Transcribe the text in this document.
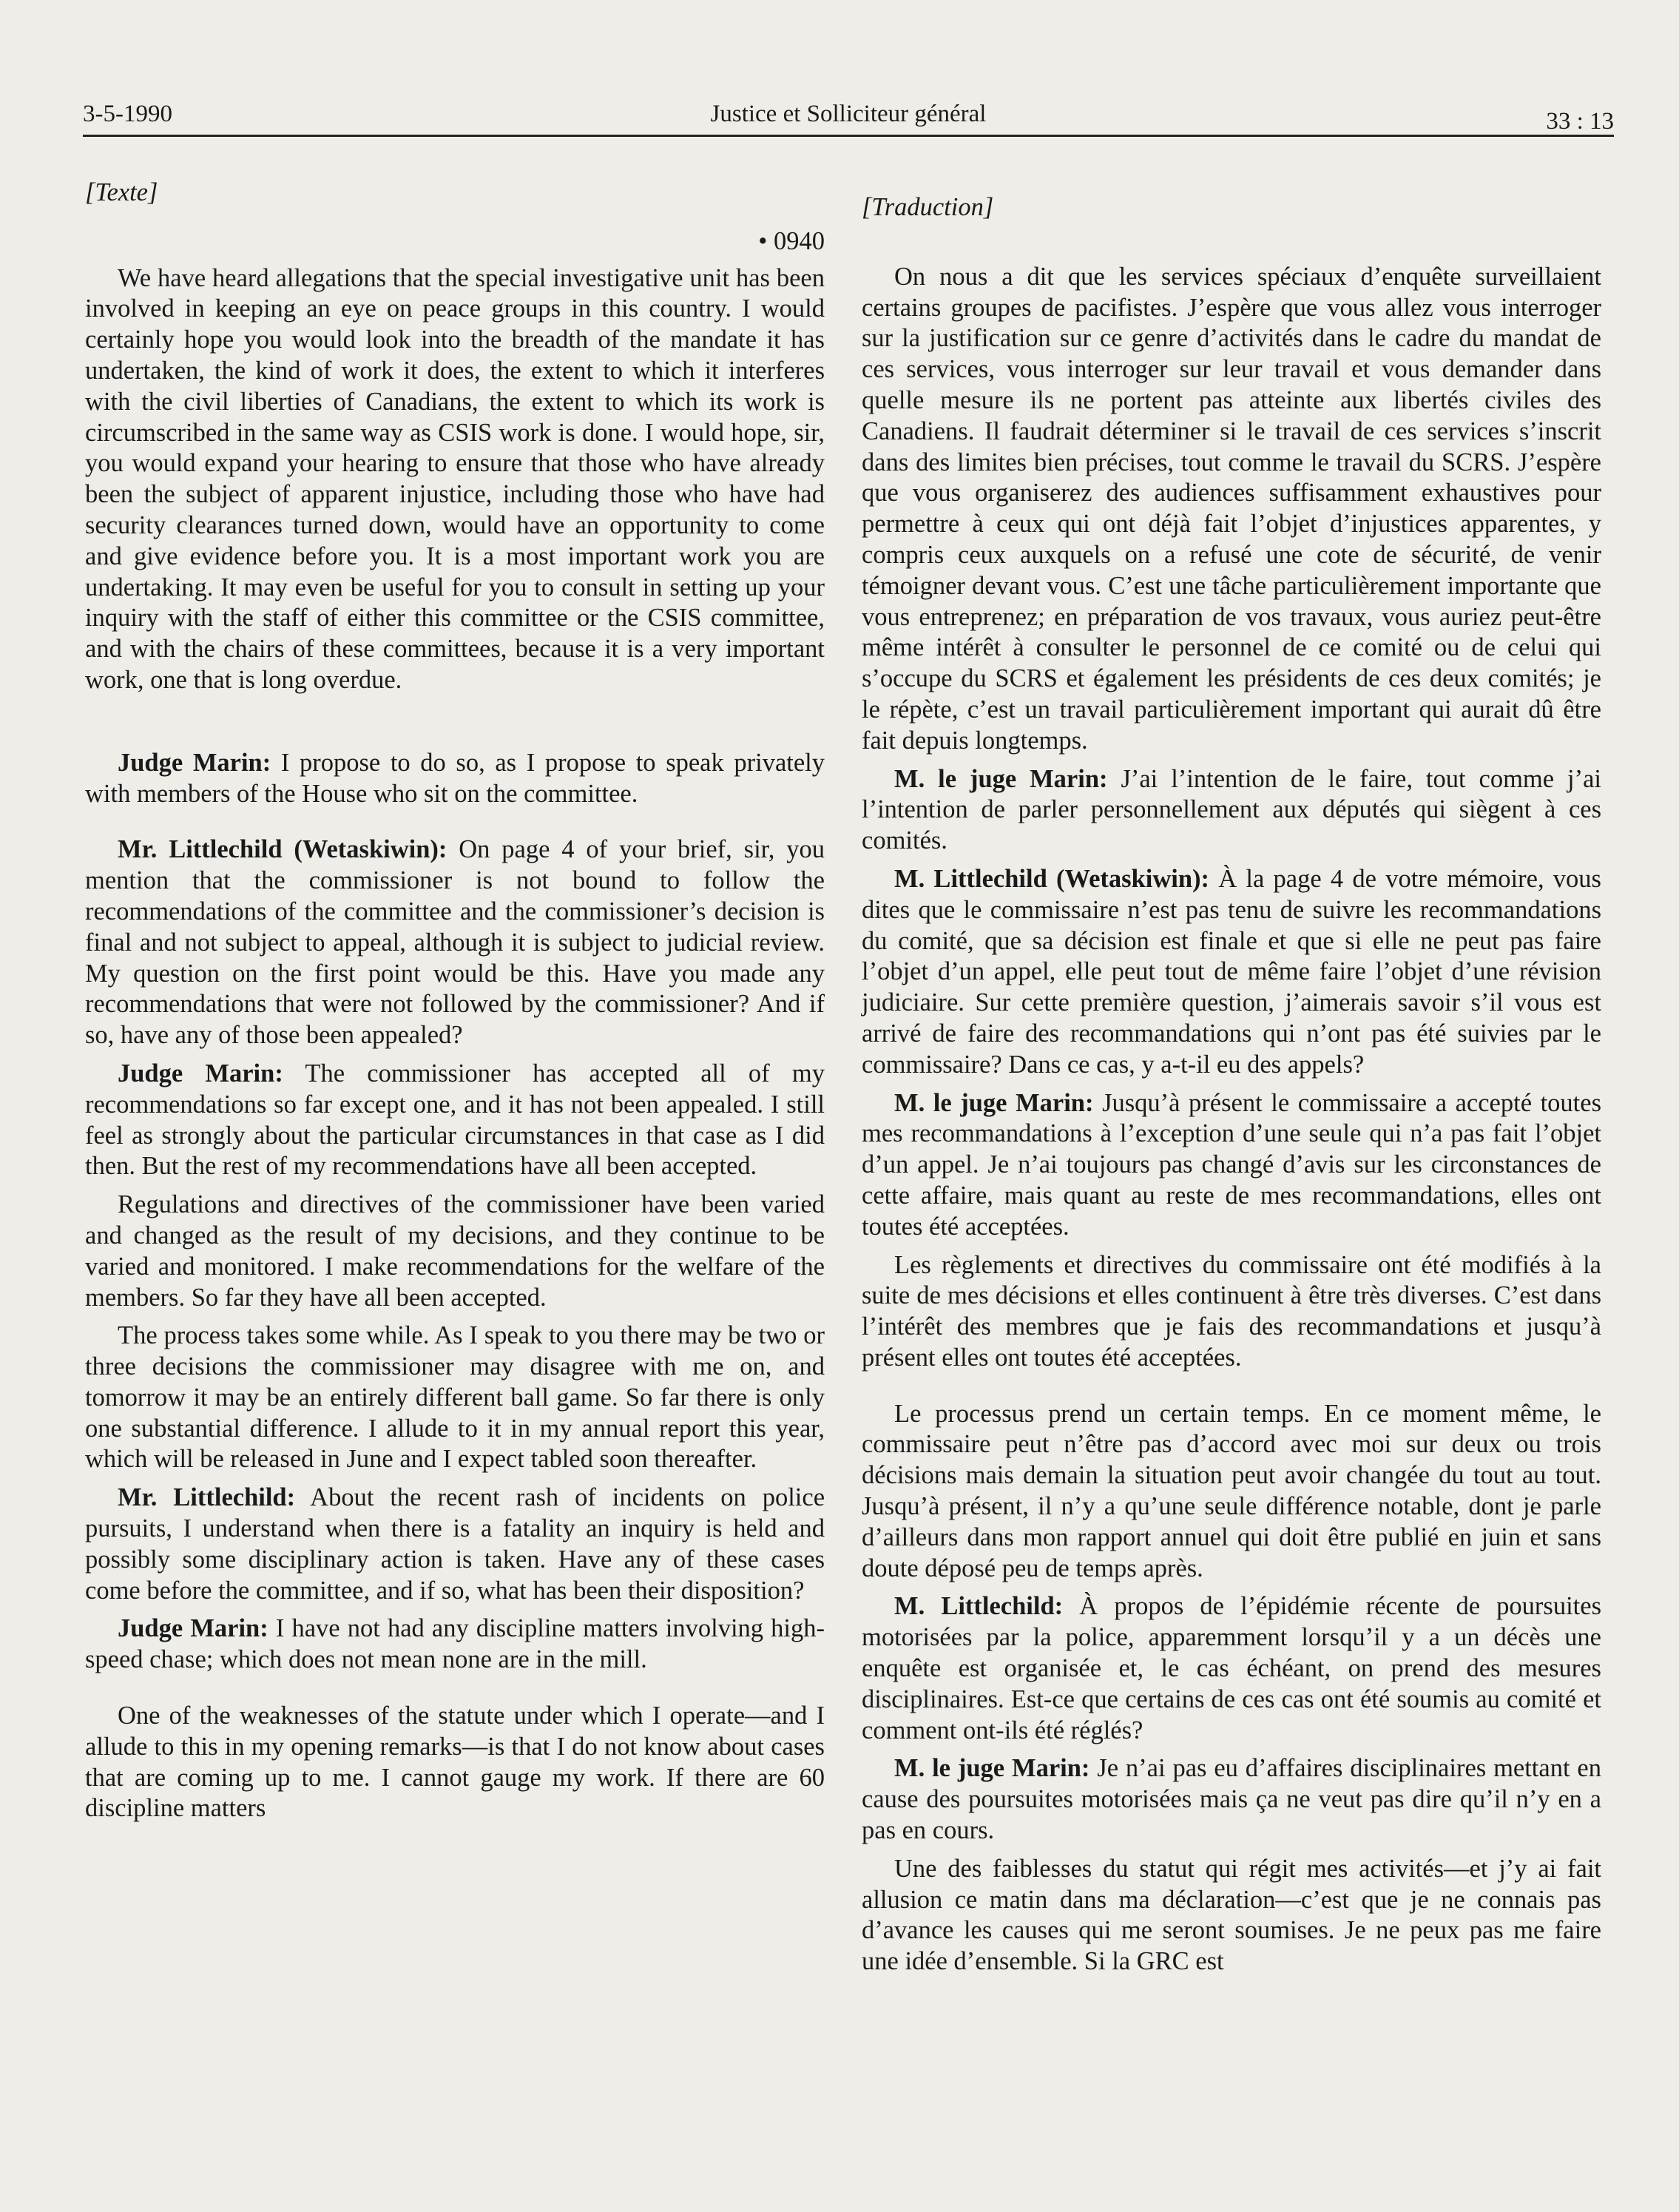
3-5-1990	Justice et Solliciteur général	33 : 13
[Texte]
• 0940

We have heard allegations that the special investigative unit has been involved in keeping an eye on peace groups in this country. I would certainly hope you would look into the breadth of the mandate it has undertaken, the kind of work it does, the extent to which it interferes with the civil liberties of Canadians, the extent to which its work is circumscribed in the same way as CSIS work is done. I would hope, sir, you would expand your hearing to ensure that those who have already been the subject of apparent injustice, including those who have had security clearances turned down, would have an opportunity to come and give evidence before you. It is a most important work you are undertaking. It may even be useful for you to consult in setting up your inquiry with the staff of either this committee or the CSIS committee, and with the chairs of these committees, because it is a very important work, one that is long overdue.

Judge Marin: I propose to do so, as I propose to speak privately with members of the House who sit on the committee.

Mr. Littlechild (Wetaskiwin): On page 4 of your brief, sir, you mention that the commissioner is not bound to follow the recommendations of the committee and the commissioner’s decision is final and not subject to appeal, although it is subject to judicial review. My question on the first point would be this. Have you made any recommendations that were not followed by the commissioner? And if so, have any of those been appealed?

Judge Marin: The commissioner has accepted all of my recommendations so far except one, and it has not been appealed. I still feel as strongly about the particular circumstances in that case as I did then. But the rest of my recommendations have all been accepted.

Regulations and directives of the commissioner have been varied and changed as the result of my decisions, and they continue to be varied and monitored. I make recommendations for the welfare of the members. So far they have all been accepted.

The process takes some while. As I speak to you there may be two or three decisions the commissioner may disagree with me on, and tomorrow it may be an entirely different ball game. So far there is only one substantial difference. I allude to it in my annual report this year, which will be released in June and I expect tabled soon thereafter.

Mr. Littlechild: About the recent rash of incidents on police pursuits, I understand when there is a fatality an inquiry is held and possibly some disciplinary action is taken. Have any of these cases come before the committee, and if so, what has been their disposition?

Judge Marin: I have not had any discipline matters involving high-speed chase; which does not mean none are in the mill.

One of the weaknesses of the statute under which I operate—and I allude to this in my opening remarks—is that I do not know about cases that are coming up to me. I cannot gauge my work. If there are 60 discipline matters

[Traduction]

On nous a dit que les services spéciaux d’enquête surveillaient certains groupes de pacifistes. J’espère que vous allez vous interroger sur la justification sur ce genre d’activités dans le cadre du mandat de ces services, vous interroger sur leur travail et vous demander dans quelle mesure ils ne portent pas atteinte aux libertés civiles des Canadiens. Il faudrait déterminer si le travail de ces services s’inscrit dans des limites bien précises, tout comme le travail du SCRS. J’espère que vous organiserez des audiences suffisamment exhaustives pour permettre à ceux qui ont déjà fait l’objet d’injustices apparentes, y compris ceux auxquels on a refusé une cote de sécurité, de venir témoigner devant vous. C’est une tâche particulièrement importante que vous entreprenez; en préparation de vos travaux, vous auriez peut-être même intérêt à consulter le personnel de ce comité ou de celui qui s’occupe du SCRS et également les présidents de ces deux comités; je le répète, c’est un travail particulièrement important qui aurait dû être fait depuis longtemps.

M. le juge Marin: J’ai l’intention de le faire, tout comme j’ai l’intention de parler personnellement aux députés qui siègent à ces comités.

M. Littlechild (Wetaskiwin): À la page 4 de votre mémoire, vous dites que le commissaire n’est pas tenu de suivre les recommandations du comité, que sa décision est finale et que si elle ne peut pas faire l’objet d’un appel, elle peut tout de même faire l’objet d’une révision judiciaire. Sur cette première question, j’aimerais savoir s’il vous est arrivé de faire des recommandations qui n’ont pas été suivies par le commissaire? Dans ce cas, y a-t-il eu des appels?

M. le juge Marin: Jusqu’à présent le commissaire a accepté toutes mes recommandations à l’exception d’une seule qui n’a pas fait l’objet d’un appel. Je n’ai toujours pas changé d’avis sur les circonstances de cette affaire, mais quant au reste de mes recommandations, elles ont toutes été acceptées.

Les règlements et directives du commissaire ont été modifiés à la suite de mes décisions et elles continuent à être très diverses. C’est dans l’intérêt des membres que je fais des recommandations et jusqu’à présent elles ont toutes été acceptées.

Le processus prend un certain temps. En ce moment même, le commissaire peut n’être pas d’accord avec moi sur deux ou trois décisions mais demain la situation peut avoir changée du tout au tout. Jusqu’à présent, il n’y a qu’une seule différence notable, dont je parle d’ailleurs dans mon rapport annuel qui doit être publié en juin et sans doute déposé peu de temps après.

M. Littlechild: À propos de l’épidémie récente de poursuites motorisées par la police, apparemment lorsqu’il y a un décès une enquête est organisée et, le cas échéant, on prend des mesures disciplinaires. Est-ce que certains de ces cas ont été soumis au comité et comment ont-ils été réglés?

M. le juge Marin: Je n’ai pas eu d’affaires disciplinaires mettant en cause des poursuites motorisées mais ça ne veut pas dire qu’il n’y en a pas en cours.

Une des faiblesses du statut qui régit mes activités—et j’y ai fait allusion ce matin dans ma déclaration—c’est que je ne connais pas d’avance les causes qui me seront soumises. Je ne peux pas me faire une idée d’ensemble. Si la GRC est
